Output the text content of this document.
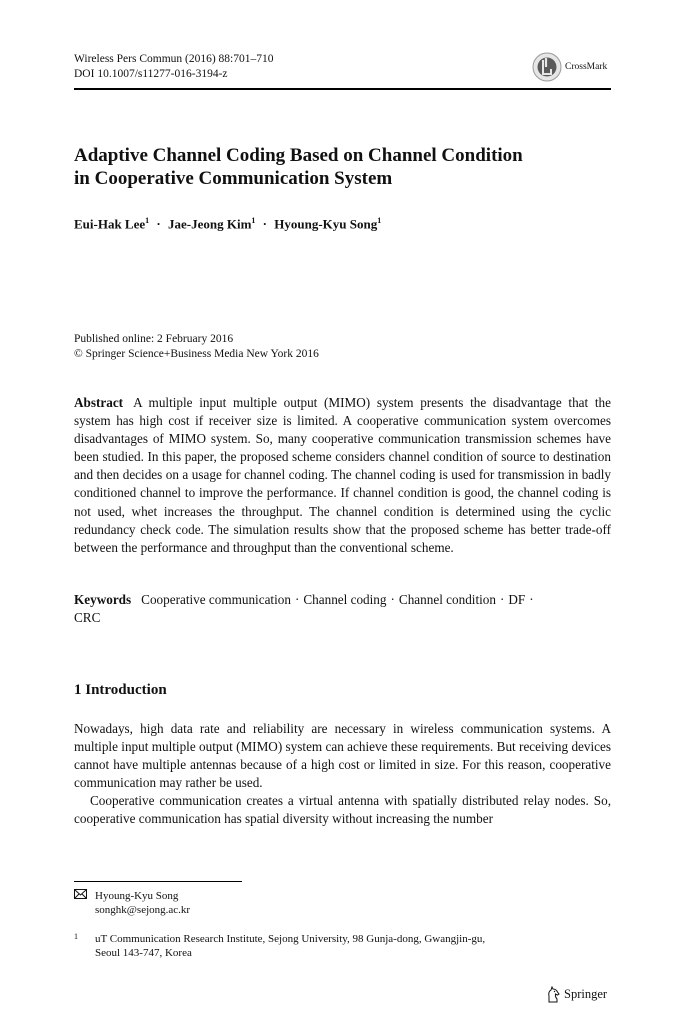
Wireless Pers Commun (2016) 88:701–710
DOI 10.1007/s11277-016-3194-z
CrossMark
Adaptive Channel Coding Based on Channel Condition
in Cooperative Communication System
Eui-Hak Lee$^1$ · Jae-Jeong Kim$^1$ · Hyoung-Kyu Song$^1$
Published online: 2 February 2016
© Springer Science+Business Media New York 2016
Abstract A multiple input multiple output (MIMO) system presents the disadvantage that the system has high cost if receiver size is limited. A cooperative communication system overcomes disadvantages of MIMO system. So, many cooperative communication transmission schemes have been studied. In this paper, the proposed scheme considers channel condition of source to destination and then decides on a usage for channel coding. The channel coding is used for transmission in badly conditioned channel to improve the performance. If channel condition is good, the channel coding is not used, whet increases the throughput. The channel condition is determined using the cyclic redundancy check code. The simulation results show that the proposed scheme has better trade-off between the performance and throughput than the conventional scheme.
Keywords Cooperative communication · Channel coding · Channel condition · DF ·
CRC
1 Introduction

Nowadays, high data rate and reliability are necessary in wireless communication systems. A multiple input multiple output (MIMO) system can achieve these requirements. But receiving devices cannot have multiple antennas because of a high cost or limited in size. For this reason, cooperative communication may rather be used.

Cooperative communication creates a virtual antenna with spatially distributed relay nodes. So, cooperative communication has spatial diversity without increasing the number

Hyoung-Kyu Song
songhk@sejong.ac.kr
1	uT Communication Research Institute, Sejong University, 98 Gunja-dong, Gwangjin-gu,
Seoul 143-747, Korea
Springer
